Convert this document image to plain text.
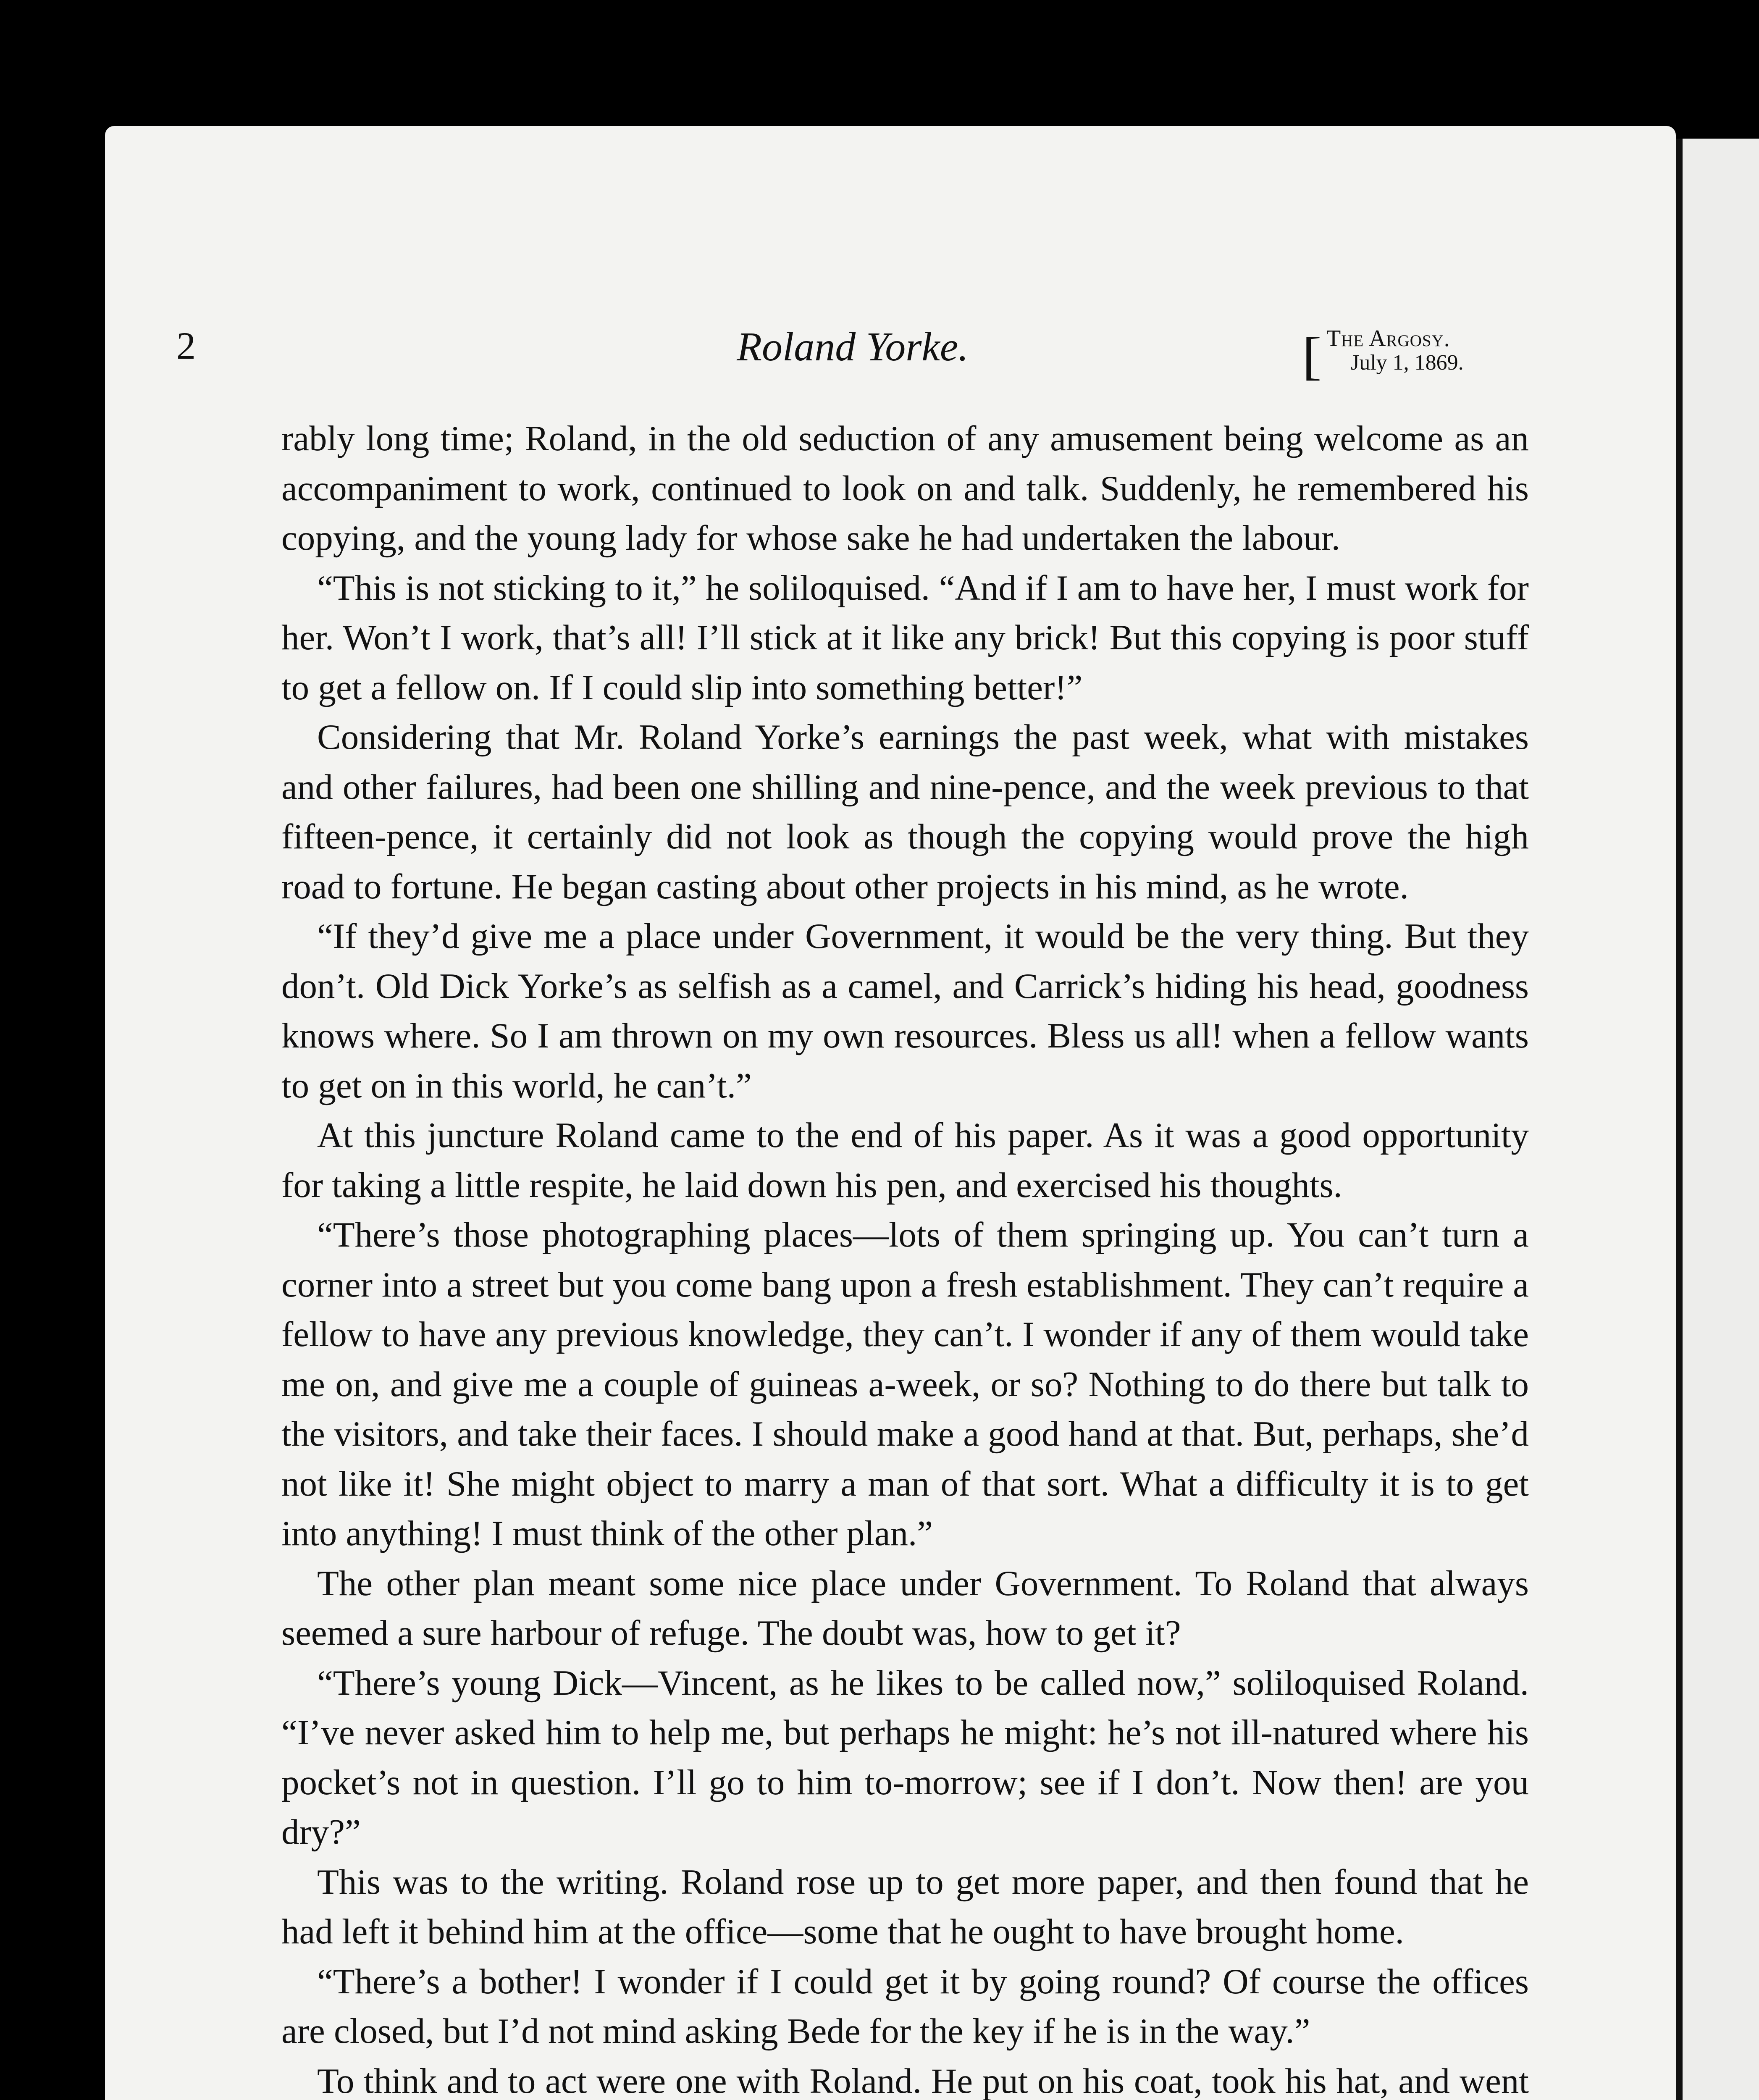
2	Roland Yorke.	[ The Argosy.
July 1, 1869.

rably long time; Roland, in the old seduction of any amusement being welcome as an accompaniment to work, continued to look on and talk. Suddenly, he remembered his copying, and the young lady for whose sake he had undertaken the labour.

“This is not sticking to it,” he soliloquised. “And if I am to have her, I must work for her. Won’t I work, that’s all! I’ll stick at it like any brick! But this copying is poor stuff to get a fellow on. If I could slip into something better!”

Considering that Mr. Roland Yorke’s earnings the past week, what with mistakes and other failures, had been one shilling and nine-pence, and the week previous to that fifteen-pence, it certainly did not look as though the copying would prove the high road to fortune. He began casting about other projects in his mind, as he wrote.

“If they’d give me a place under Government, it would be the very thing. But they don’t. Old Dick Yorke’s as selfish as a camel, and Carrick’s hiding his head, goodness knows where. So I am thrown on my own resources. Bless us all! when a fellow wants to get on in this world, he can’t.”

At this juncture Roland came to the end of his paper. As it was a good opportunity for taking a little respite, he laid down his pen, and exercised his thoughts.

“There’s those photographing places—lots of them springing up. You can’t turn a corner into a street but you come bang upon a fresh establishment. They can’t require a fellow to have any previous knowledge, they can’t. I wonder if any of them would take me on, and give me a couple of guineas a-week, or so? Nothing to do there but talk to the visitors, and take their faces. I should make a good hand at that. But, perhaps, she’d not like it! She might object to marry a man of that sort. What a difficulty it is to get into anything! I must think of the other plan.”

The other plan meant some nice place under Government. To Roland that always seemed a sure harbour of refuge. The doubt was, how to get it?

“There’s young Dick—Vincent, as he likes to be called now,” soliloquised Roland. “I’ve never asked him to help me, but perhaps he might: he’s not ill-natured where his pocket’s not in question. I’ll go to him to-morrow; see if I don’t. Now then! are you dry?”

This was to the writing. Roland rose up to get more paper, and then found that he had left it behind him at the office—some that he ought to have brought home.

“There’s a bother! I wonder if I could get it by going round? Of course the offices are closed, but I’d not mind asking Bede for the key if he is in the way.”

To think and to act were one with Roland. He put on his coat, took his hat, and went
